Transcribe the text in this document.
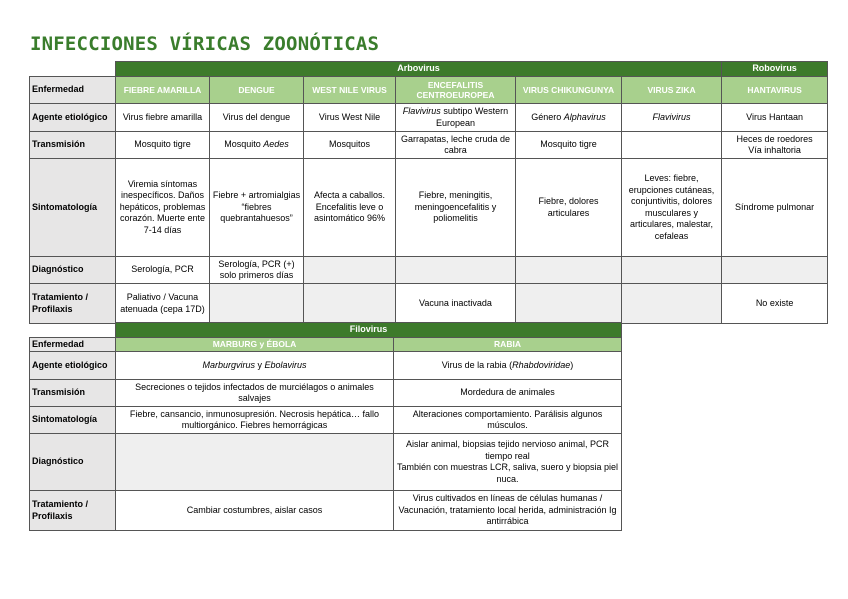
INFECCIONES VÍRICAS ZOONÓTICAS
	Arbovirus						Robovirus
Enfermedad	FIEBRE AMARILLA	DENGUE	WEST NILE VIRUS	ENCEFALITIS CENTROEUROPEA	VIRUS CHIKUNGUNYA	VIRUS ZIKA	HANTAVIRUS
Agente etiológico	Virus fiebre amarilla	Virus del dengue	Virus West Nile	Flavivirus subtipo Western European	Género Alphavirus	Flavivirus	Virus Hantaan
Transmisión	Mosquito tigre	Mosquito Aedes	Mosquitos	Garrapatas, leche cruda de cabra	Mosquito tigre		Heces de roedores
Vía inhaltoria
Sintomatología	Viremia síntomas inespecíficos. Daños hepáticos, problemas corazón. Muerte ente 7-14 días	Fiebre + artromialgias “fiebres quebrantahuesos”	Afecta a caballos. Encefalitis leve o asintomático 96%	Fiebre, meningitis, meningoencefalitis y poliomelitis	Fiebre, dolores articulares	Leves: fiebre, erupciones cutáneas, conjuntivitis, dolores musculares y articulares, malestar, cefaleas	Síndrome pulmonar
Diagnóstico	Serología, PCR	Serología, PCR (+) solo primeros días					
Tratamiento / Profilaxis	Paliativo / Vacuna atenuada (cepa 17D)			Vacuna inactivada			No existe
	Filovirus	
Enfermedad	MARBURG y ÉBOLA	RABIA
Agente etiológico	Marburgvirus y Ebolavirus	Virus de la rabia (Rhabdoviridae)
Transmisión	Secreciones o tejidos infectados de murciélagos o animales salvajes	Mordedura de animales
Sintomatología	Fiebre, cansancio, inmunosupresión. Necrosis hepática… fallo multiorgánico. Fiebres hemorrágicas	Alteraciones comportamiento. Parálisis algunos músculos.
Diagnóstico		Aislar animal, biopsias tejido nervioso animal, PCR tiempo real
También con muestras LCR, saliva, suero y biopsia piel nuca.
Tratamiento / Profilaxis	Cambiar costumbres, aislar casos	Virus cultivados en líneas de células humanas / Vacunación, tratamiento local herida, administración Ig antirrábica
